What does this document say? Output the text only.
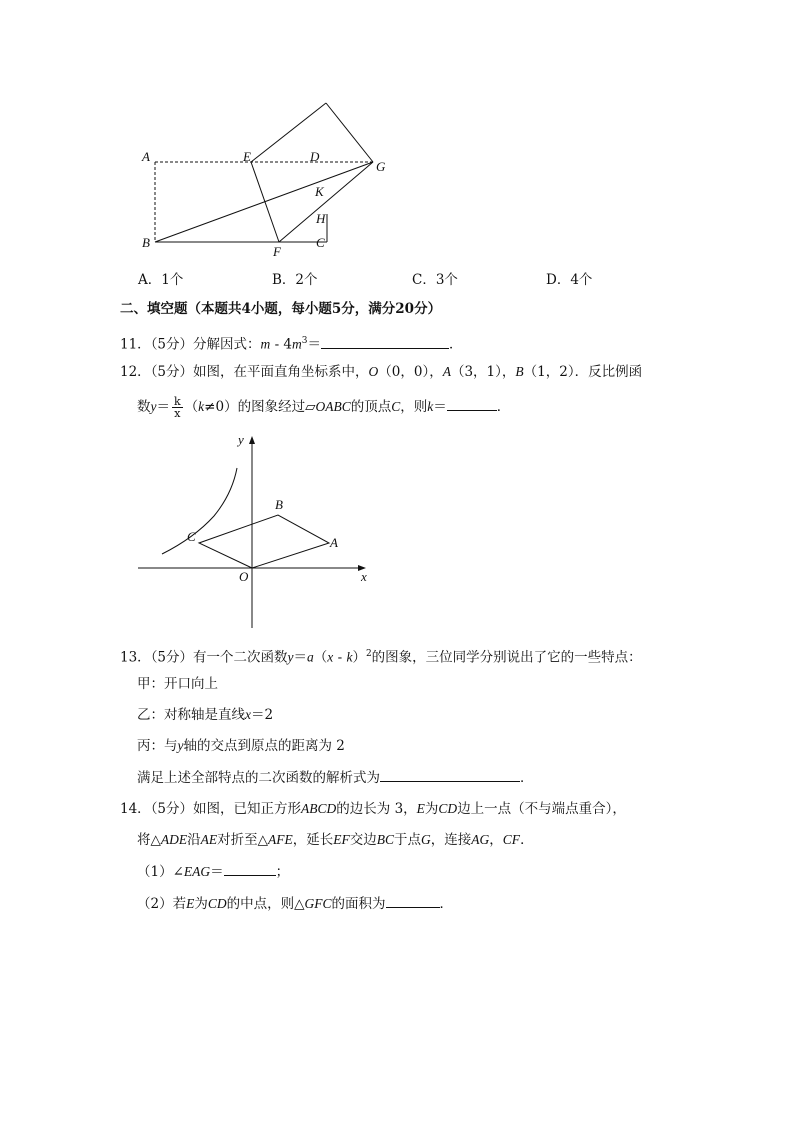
A	E	D
G
K
H
B
F
C
A．1个	B．2个	C．3个	D．4个
二、填空题（本题共4小题，每小题5分，满分20分）
11．（5分）分解因式：$m - 4m^3=$	．
12．（5分）如图，在平面直角坐标系中，O（0，0），A（3，1），B（1，2）．反比例函
数$y= \frac{k}{x} (k\ne 0)$的图象经过▱OABC的顶点C，则k＝	．
y
x
O
A
B
C
13．（5分）有一个二次函数y＝a（x - k）$^2$的图象，三位同学分别说出了它的一些特点：
甲：开口向上
乙：对称轴是直线x＝2
丙：与y轴的交点到原点的距离为 2
满足上述全部特点的二次函数的解析式为	．
14．（5分）如图，已知正方形ABCD的边长为 3，E为CD边上一点（不与端点重合），
将△ADE沿AE对折至△AFE，延长EF交边BC于点G，连接AG，CF．
（1）∠EAG＝	；
（2）若E为CD的中点，则△GFC的面积为	．
